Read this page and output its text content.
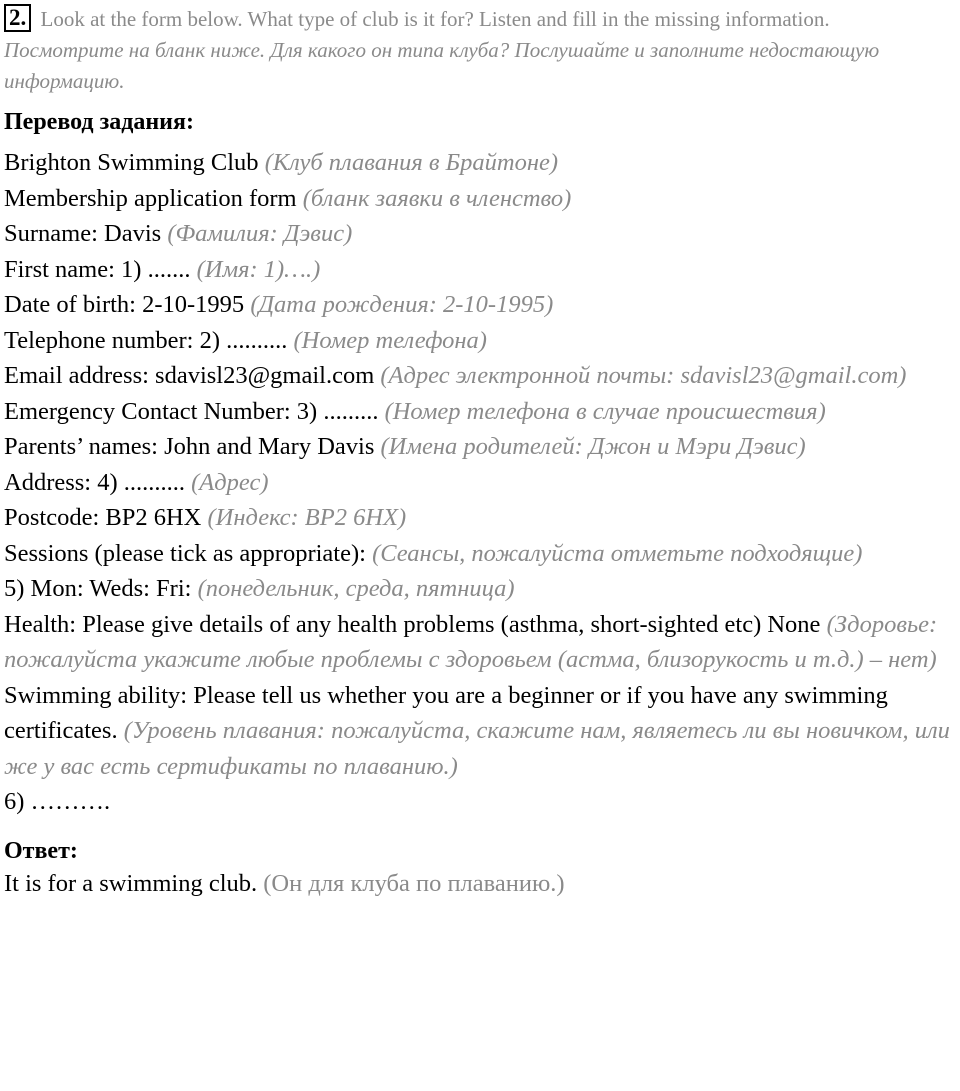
2. Look at the form below. What type of club is it for? Listen and fill in the missing information.
Посмотрите на бланк ниже. Для какого он типа клуба? Послушайте и заполните недостающую информацию.

Перевод задания:
Brighton Swimming Club (Клуб плавания в Брайтоне)
Membership application form (бланк заявки в членство)
Surname: Davis (Фамилия: Дэвис)
First name: 1) ....... (Имя: 1)….)
Date of birth: 2-10-1995 (Дата рождения: 2-10-1995)
Telephone number: 2) .......... (Номер телефона)
Email address: sdavisl23@gmail.com (Адрес электронной почты: sdavisl23@gmail.com)
Emergency Contact Number: 3) ......... (Номер телефона в случае происшествия)
Parents’ names: John and Mary Davis (Имена родителей: Джон и Мэри Дэвис)
Address: 4) .......... (Адрес)
Postcode: BP2 6HX (Индекс: BP2 6HX)
Sessions (please tick as appropriate): (Сеансы, пожалуйста отметьте подходящие)
5) Mon: Weds: Fri: (понедельник, среда, пятница)
Health: Please give details of any health problems (asthma, short-sighted etc) None (Здоровье: пожалуйста укажите любые проблемы с здоровьем (астма, близорукость и т.д.) – нет)
Swimming ability: Please tell us whether you are a beginner or if you have any swimming certificates. (Уровень плавания: пожалуйста, скажите нам, являетесь ли вы новичком, или же у вас есть сертификаты по плаванию.)
6) ……….
Ответ:
It is for a swimming club. (Он для клуба по плаванию.)
